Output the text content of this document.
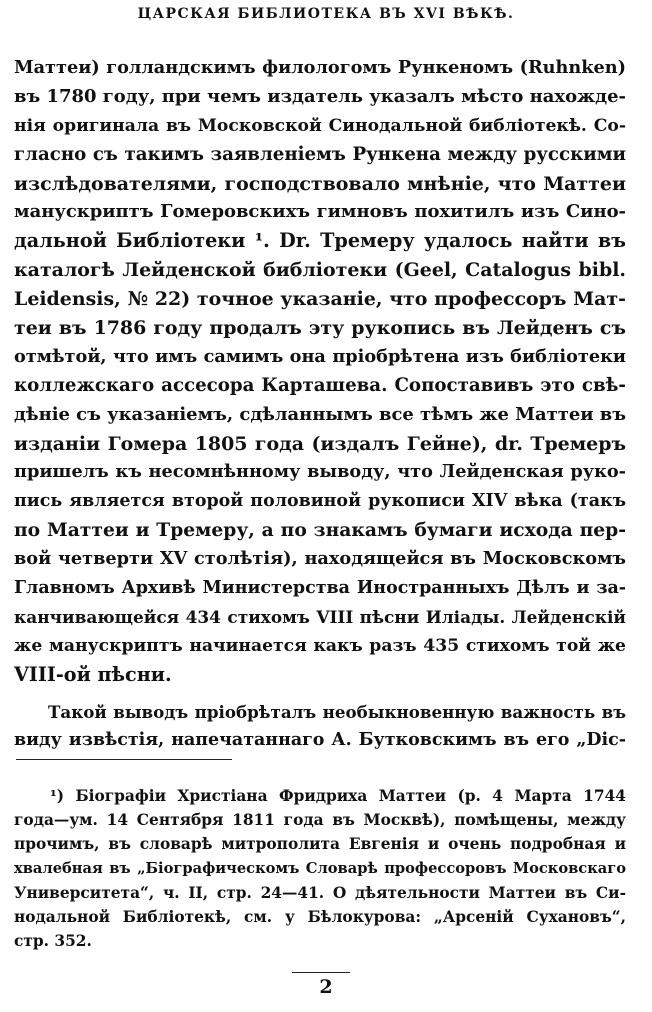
ЦАРСКАЯ БИБЛИОТЕКА ВЪ XVI ВѢКѢ.
Маттеи) голландскимъ филологомъ Рункеномъ (Ruhnken)
въ 1780 году, при чемъ издатель указалъ мѣсто нахожде-
нія оригинала въ Московской Синодальной библіотекѣ. Со-
гласно съ такимъ заявленіемъ Рункена между русскими
изслѣдователями, господствовало мнѣніе, что Маттеи
манускриптъ Гомеровскихъ гимновъ похитилъ изъ Сино-
дальной Библіотеки ¹. Dr. Тремеру удалось найти въ
каталогѣ Лейденской библіотеки (Geel, Catalogus bibl.
Leidensis, № 22) точное указаніе, что профессоръ Мат-
теи въ 1786 году продалъ эту рукопись въ Лейденъ съ
отмѣтой, что имъ самимъ она пріобрѣтена изъ библіотеки
коллежскаго ассесора Карташева. Сопоставивъ это свѣ-
дѣніе съ указаніемъ, сдѣланнымъ все тѣмъ же Маттеи въ
изданіи Гомера 1805 года (издалъ Гейне), dr. Тремеръ
пришелъ къ несомнѣнному выводу, что Лейденская руко-
пись является второй половиной рукописи XIV вѣка (такъ
по Маттеи и Тремеру, а по знакамъ бумаги исхода пер-
вой четверти XV столѣтія), находящейся въ Московскомъ
Главномъ Архивѣ Министерства Иностранныхъ Дѣлъ и за-
канчивающейся 434 стихомъ VIII пѣсни Иліады. Лейденскій
же манускриптъ начинается какъ разъ 435 стихомъ той же
VIII-ой пѣсни.
Такой выводъ пріобрѣталъ необыкновенную важность въ
виду извѣстія, напечатаннаго А. Бутковскимъ въ его „Dic-
¹) Біографіи Христіана Фридриха Маттеи (р. 4 Марта 1744
года—ум. 14 Сентября 1811 года въ Москвѣ), помѣщены, между
прочимъ, въ словарѣ митрополита Евгенія и очень подробная и
хвалебная въ „Біографическомъ Словарѣ профессоровъ Московскаго
Университета“, ч. II, стр. 24—41. О дѣятельности Маттеи въ Си-
нодальной Библіотекѣ, см. у Бѣлокурова: „Арсеній Сухановъ“,
стр. 352.
2
